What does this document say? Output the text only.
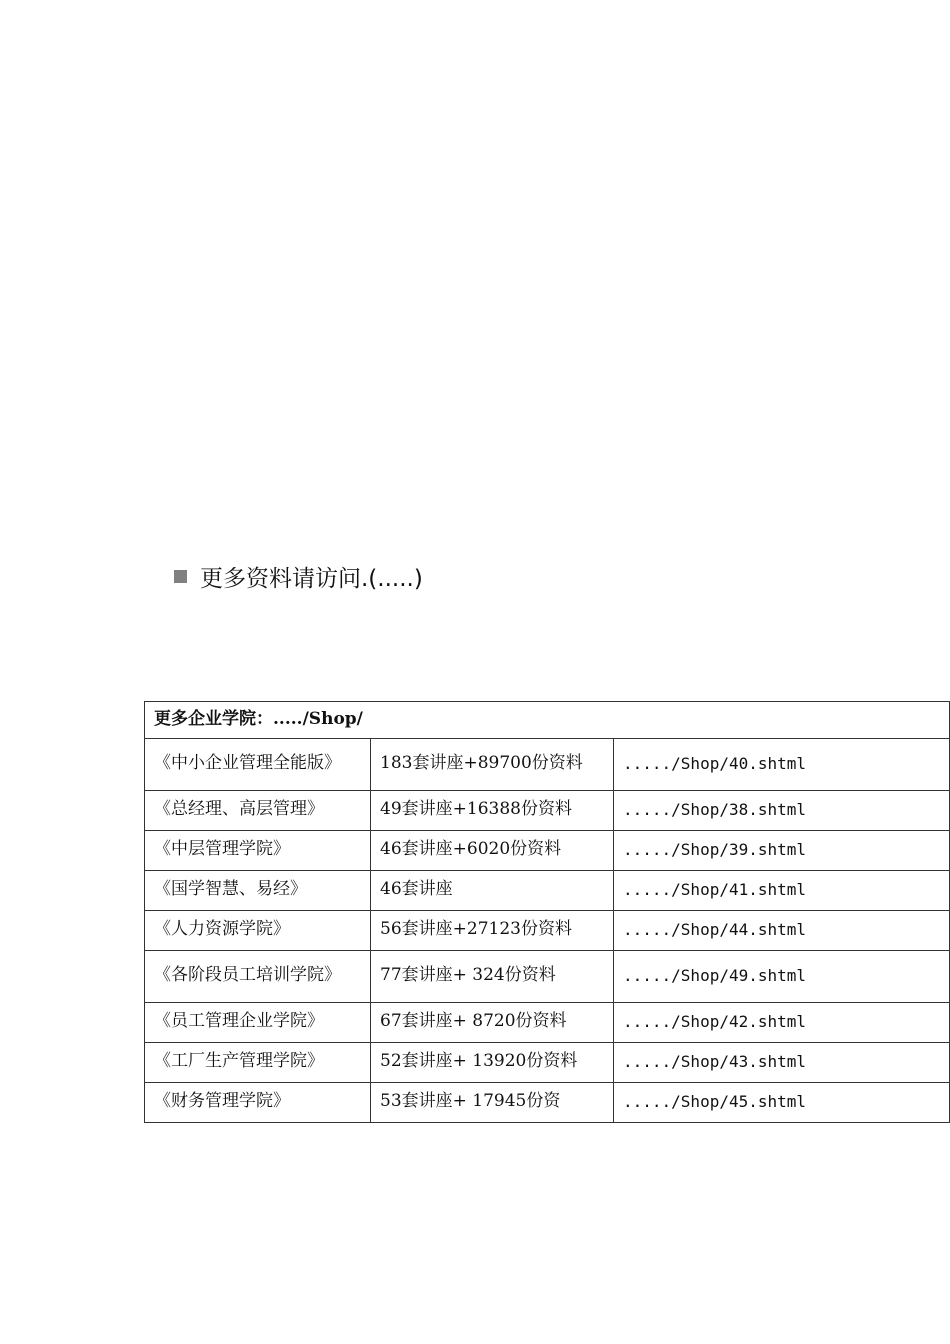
更多资料请访问.(.....)
更多企业学院：...../Shop/		
《中小企业管理全能版》	183套讲座+89700份资料	...../Shop/40.shtml
《总经理、高层管理》	49套讲座+16388份资料	...../Shop/38.shtml
《中层管理学院》	46套讲座+6020份资料	...../Shop/39.shtml
《国学智慧、易经》	46套讲座	...../Shop/41.shtml
《人力资源学院》	56套讲座+27123份资料	...../Shop/44.shtml
《各阶段员工培训学院》	77套讲座+ 324份资料	...../Shop/49.shtml
《员工管理企业学院》	67套讲座+ 8720份资料	...../Shop/42.shtml
《工厂生产管理学院》	52套讲座+ 13920份资料	...../Shop/43.shtml
《财务管理学院》	53套讲座+ 17945份资	...../Shop/45.shtml
